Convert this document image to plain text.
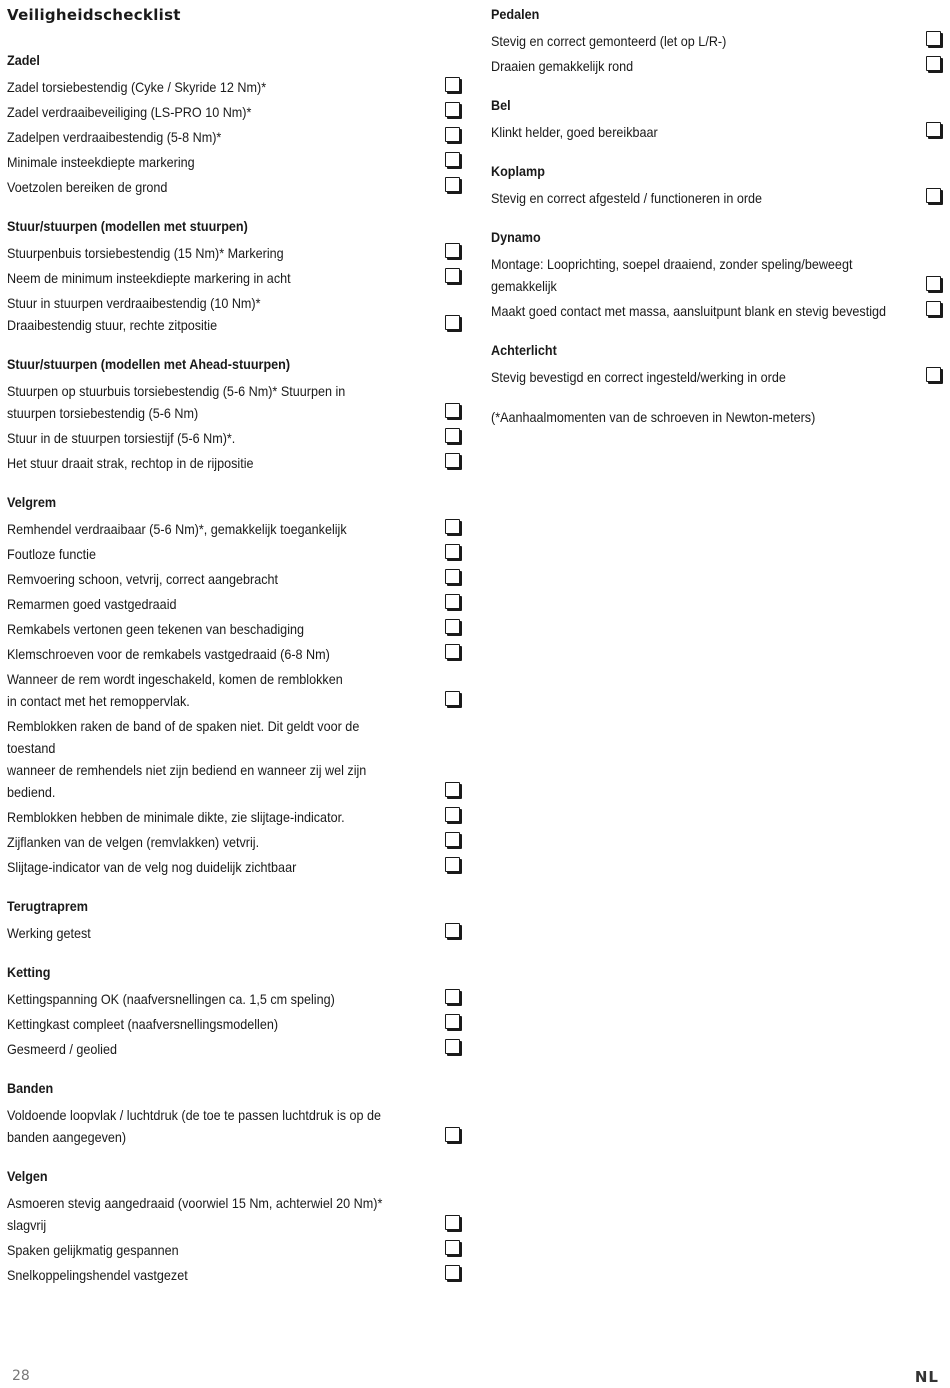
Veiligheidschecklist
Zadel
Zadel torsiebestendig (Cyke / Skyride 12 Nm)*
Zadel verdraaibeveiliging (LS-PRO 10 Nm)*
Zadelpen verdraaibestendig (5-8 Nm)*
Minimale insteekdiepte markering
Voetzolen bereiken de grond
Stuur/stuurpen (modellen met stuurpen)
Stuurpenbuis torsiebestendig (15 Nm)* Markering
Neem de minimum insteekdiepte markering in acht
Stuur in stuurpen verdraaibestendig (10 Nm)*
Draaibestendig stuur, rechte zitpositie
Stuur/stuurpen (modellen met Ahead-stuurpen)
Stuurpen op stuurbuis torsiebestendig (5-6 Nm)* Stuurpen in
stuurpen torsiebestendig (5-6 Nm)
Stuur in de stuurpen torsiestijf (5-6 Nm)*.
Het stuur draait strak, rechtop in de rijpositie
Velgrem
Remhendel verdraaibaar (5-6 Nm)*, gemakkelijk toegankelijk
Foutloze functie
Remvoering schoon, vetvrij, correct aangebracht
Remarmen goed vastgedraaid
Remkabels vertonen geen tekenen van beschadiging
Klemschroeven voor de remkabels vastgedraaid (6-8 Nm)
Wanneer de rem wordt ingeschakeld, komen de remblokken
in contact met het remoppervlak.
Remblokken raken de band of de spaken niet. Dit geldt voor de toestand
wanneer de remhendels niet zijn bediend en wanneer zij wel zijn bediend.
Remblokken hebben de minimale dikte, zie slijtage-indicator.
Zijflanken van de velgen (remvlakken) vetvrij.
Slijtage-indicator van de velg nog duidelijk zichtbaar
Terugtraprem
Werking getest
Ketting
Kettingspanning OK (naafversnellingen ca. 1,5 cm speling)
Kettingkast compleet (naafversnellingsmodellen)
Gesmeerd / geolied
Banden
Voldoende loopvlak / luchtdruk (de toe te passen luchtdruk is op de
banden aangegeven)
Velgen
Asmoeren stevig aangedraaid (voorwiel 15 Nm, achterwiel 20 Nm)* slagvrij
Spaken gelijkmatig gespannen
Snelkoppelingshendel vastgezet
Pedalen
Stevig en correct gemonteerd (let op L/R-)
Draaien gemakkelijk rond
Bel
Klinkt helder, goed bereikbaar
Koplamp
Stevig en correct afgesteld / functioneren in orde
Dynamo
Montage: Looprichting, soepel draaiend, zonder speling/beweegt gemakkelijk
Maakt goed contact met massa, aansluitpunt blank en stevig bevestigd
Achterlicht
Stevig bevestigd en correct ingesteld/werking in orde
(*Aanhaalmomenten van de schroeven in Newton-meters)
28	NL
